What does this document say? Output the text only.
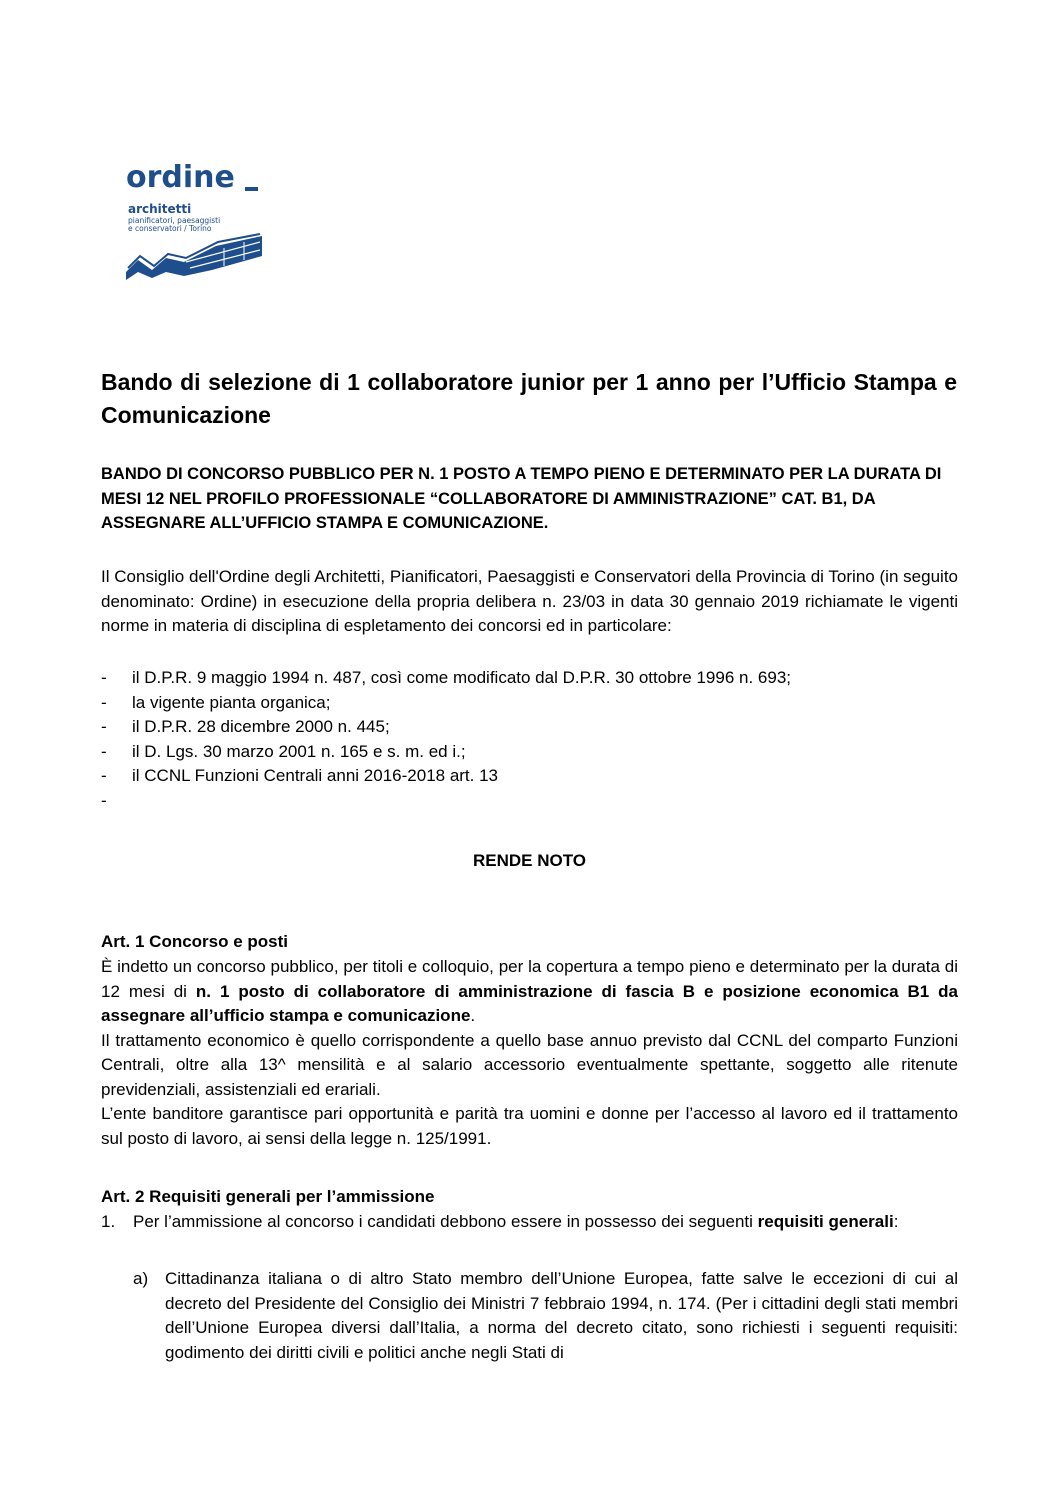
ordine
architetti
pianificatori, paesaggisti
e conservatori / Torino
Bando di selezione di 1 collaboratore junior per 1 anno per l’Ufficio Stampa e Comunicazione
BANDO DI CONCORSO PUBBLICO PER N. 1 POSTO A TEMPO PIENO E DETERMINATO PER LA DURATA DI MESI 12 NEL PROFILO PROFESSIONALE “COLLABORATORE DI AMMINISTRAZIONE” CAT. B1, DA ASSEGNARE ALL’UFFICIO STAMPA E COMUNICAZIONE.

Il Consiglio dell'Ordine degli Architetti, Pianificatori, Paesaggisti e Conservatori della Provincia di Torino (in seguito denominato: Ordine) in esecuzione della propria delibera n. 23/03 in data 30 gennaio 2019 richiamate le vigenti norme in materia di disciplina di espletamento dei concorsi ed in particolare:

- il D.P.R. 9 maggio 1994 n. 487, così come modificato dal D.P.R. 30 ottobre 1996 n. 693;
- la vigente pianta organica;
- il D.P.R. 28 dicembre 2000 n. 445;
- il D. Lgs. 30 marzo 2001 n. 165 e s. m. ed i.;
- il CCNL Funzioni Centrali anni 2016-2018 art. 13
-
RENDE NOTO
Art. 1 Concorso e posti

È indetto un concorso pubblico, per titoli e colloquio, per la copertura a tempo pieno e determinato per la durata di 12 mesi di n. 1 posto di collaboratore di amministrazione di fascia B e posizione economica B1 da assegnare all’ufficio stampa e comunicazione.

Il trattamento economico è quello corrispondente a quello base annuo previsto dal CCNL del comparto Funzioni Centrali, oltre alla 13^ mensilità e al salario accessorio eventualmente spettante, soggetto alle ritenute previdenziali, assistenziali ed erariali.

L’ente banditore garantisce pari opportunità e parità tra uomini e donne per l’accesso al lavoro ed il trattamento sul posto di lavoro, ai sensi della legge n. 125/1991.

Art. 2 Requisiti generali per l’ammissione
1. Per l’ammissione al concorso i candidati debbono essere in possesso dei seguenti requisiti generali:
a) Cittadinanza italiana o di altro Stato membro dell’Unione Europea, fatte salve le eccezioni di cui al decreto del Presidente del Consiglio dei Ministri 7 febbraio 1994, n. 174. (Per i cittadini degli stati membri dell’Unione Europea diversi dall’Italia, a norma del decreto citato, sono richiesti i seguenti requisiti: godimento dei diritti civili e politici anche negli Stati di
